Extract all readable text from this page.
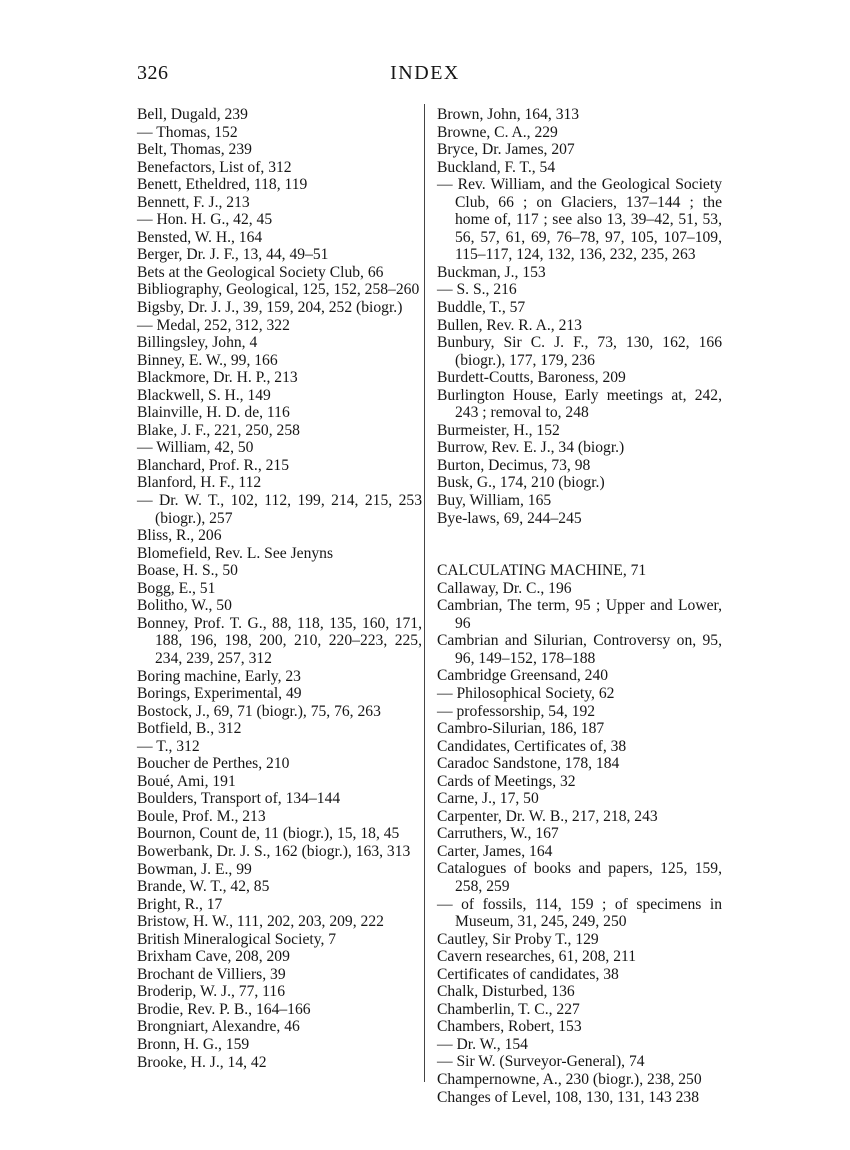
326	INDEX
Bell, Dugald, 239
— Thomas, 152
Belt, Thomas, 239
Benefactors, List of, 312
Benett, Etheldred, 118, 119
Bennett, F. J., 213
— Hon. H. G., 42, 45
Bensted, W. H., 164
Berger, Dr. J. F., 13, 44, 49–51
Bets at the Geological Society Club, 66
Bibliography, Geological, 125, 152, 258–260
Bigsby, Dr. J. J., 39, 159, 204, 252 (biogr.)
— Medal, 252, 312, 322
Billingsley, John, 4
Binney, E. W., 99, 166
Blackmore, Dr. H. P., 213
Blackwell, S. H., 149
Blainville, H. D. de, 116
Blake, J. F., 221, 250, 258
— William, 42, 50
Blanchard, Prof. R., 215
Blanford, H. F., 112
— Dr. W. T., 102, 112, 199, 214, 215, 253 (biogr.), 257
Bliss, R., 206
Blomefield, Rev. L. See Jenyns
Boase, H. S., 50
Bogg, E., 51
Bolitho, W., 50
Bonney, Prof. T. G., 88, 118, 135, 160, 171, 188, 196, 198, 200, 210, 220–223, 225, 234, 239, 257, 312
Boring machine, Early, 23
Borings, Experimental, 49
Bostock, J., 69, 71 (biogr.), 75, 76, 263
Botfield, B., 312
— T., 312
Boucher de Perthes, 210
Boué, Ami, 191
Boulders, Transport of, 134–144
Boule, Prof. M., 213
Bournon, Count de, 11 (biogr.), 15, 18, 45
Bowerbank, Dr. J. S., 162 (biogr.), 163, 313
Bowman, J. E., 99
Brande, W. T., 42, 85
Bright, R., 17
Bristow, H. W., 111, 202, 203, 209, 222
British Mineralogical Society, 7
Brixham Cave, 208, 209
Brochant de Villiers, 39
Broderip, W. J., 77, 116
Brodie, Rev. P. B., 164–166
Brongniart, Alexandre, 46
Bronn, H. G., 159
Brooke, H. J., 14, 42
Brown, John, 164, 313
Browne, C. A., 229
Bryce, Dr. James, 207
Buckland, F. T., 54
— Rev. William, and the Geological Society Club, 66 ; on Glaciers, 137–144 ; the home of, 117 ; see also 13, 39–42, 51, 53, 56, 57, 61, 69, 76–78, 97, 105, 107–109, 115–117, 124, 132, 136, 232, 235, 263
Buckman, J., 153
— S. S., 216
Buddle, T., 57
Bullen, Rev. R. A., 213
Bunbury, Sir C. J. F., 73, 130, 162, 166 (biogr.), 177, 179, 236
Burdett-Coutts, Baroness, 209
Burlington House, Early meetings at, 242, 243 ; removal to, 248
Burmeister, H., 152
Burrow, Rev. E. J., 34 (biogr.)
Burton, Decimus, 73, 98
Busk, G., 174, 210 (biogr.)
Buy, William, 165
Bye-laws, 69, 244–245
CALCULATING MACHINE, 71
Callaway, Dr. C., 196
Cambrian, The term, 95 ; Upper and Lower, 96
Cambrian and Silurian, Controversy on, 95, 96, 149–152, 178–188
Cambridge Greensand, 240
— Philosophical Society, 62
— professorship, 54, 192
Cambro-Silurian, 186, 187
Candidates, Certificates of, 38
Caradoc Sandstone, 178, 184
Cards of Meetings, 32
Carne, J., 17, 50
Carpenter, Dr. W. B., 217, 218, 243
Carruthers, W., 167
Carter, James, 164
Catalogues of books and papers, 125, 159, 258, 259
— of fossils, 114, 159 ; of specimens in Museum, 31, 245, 249, 250
Cautley, Sir Proby T., 129
Cavern researches, 61, 208, 211
Certificates of candidates, 38
Chalk, Disturbed, 136
Chamberlin, T. C., 227
Chambers, Robert, 153
— Dr. W., 154
— Sir W. (Surveyor-General), 74
Champernowne, A., 230 (biogr.), 238, 250
Changes of Level, 108, 130, 131, 143 238
